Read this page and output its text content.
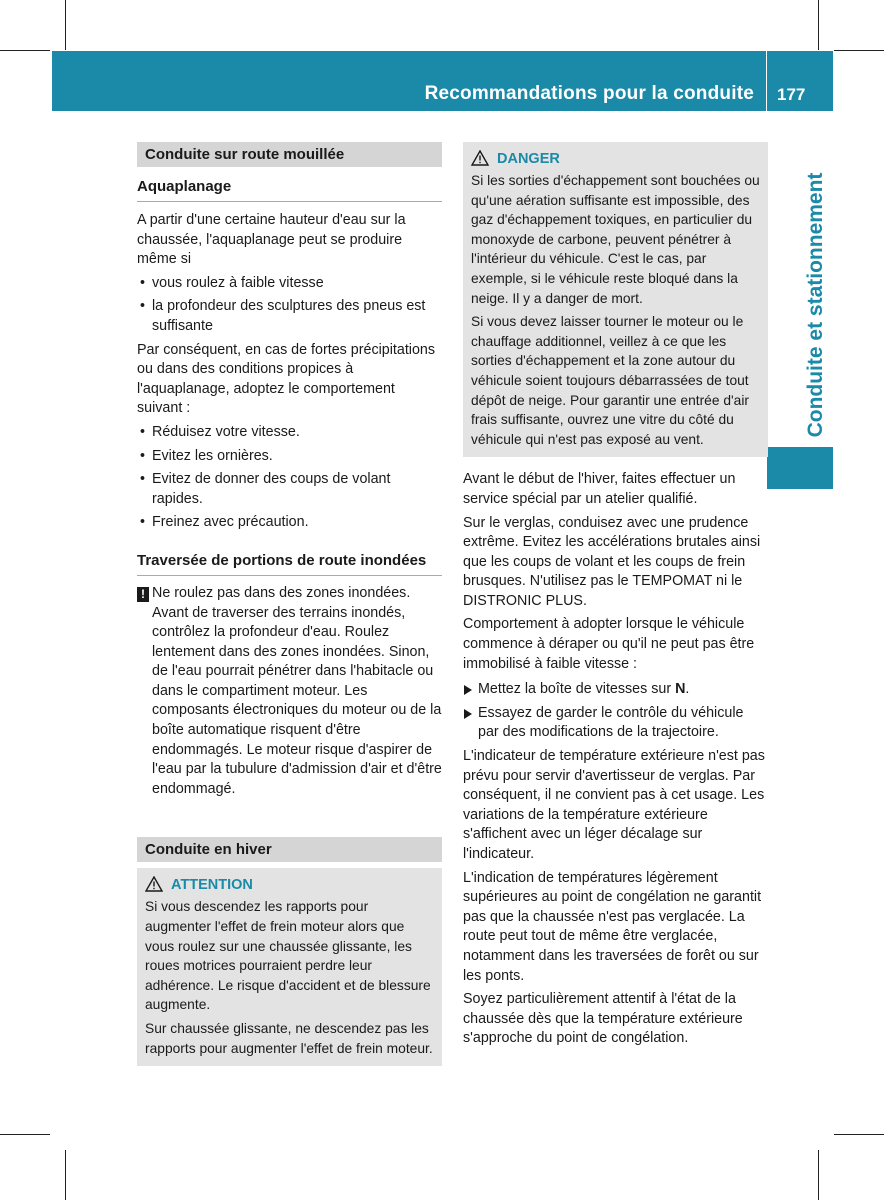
Recommandations pour la conduite 177
Conduite et stationnement
Conduite sur route mouillée
Aquaplanage

A partir d'une certaine hauteur d'eau sur la chaussée, l'aquaplanage peut se produire même si

• vous roulez à faible vitesse
• la profondeur des sculptures des pneus est suffisante

Par conséquent, en cas de fortes précipitations ou dans des conditions propices à l'aquaplanage, adoptez le comportement suivant :

• Réduisez votre vitesse.
• Evitez les ornières.
• Evitez de donner des coups de volant rapides.
• Freinez avec précaution.
Traversée de portions de route inondées
! Ne roulez pas dans des zones inondées. Avant de traverser des terrains inondés, contrôlez la profondeur d'eau. Roulez lentement dans des zones inondées. Sinon, de l'eau pourrait pénétrer dans l'habitacle ou dans le compartiment moteur. Les composants électroniques du moteur ou de la boîte automatique risquent d'être endommagés. Le moteur risque d'aspirer de l'eau par la tubulure d'admission d'air et d'être endommagé.
Conduite en hiver
ATTENTION

Si vous descendez les rapports pour augmenter l'effet de frein moteur alors que vous roulez sur une chaussée glissante, les roues motrices pourraient perdre leur adhérence. Le risque d'accident et de blessure augmente.

Sur chaussée glissante, ne descendez pas les rapports pour augmenter l'effet de frein moteur.

DANGER

Si les sorties d'échappement sont bouchées ou qu'une aération suffisante est impossible, des gaz d'échappement toxiques, en particulier du monoxyde de carbone, peuvent pénétrer à l'intérieur du véhicule. C'est le cas, par exemple, si le véhicule reste bloqué dans la neige. Il y a danger de mort.

Si vous devez laisser tourner le moteur ou le chauffage additionnel, veillez à ce que les sorties d'échappement et la zone autour du véhicule soient toujours débarrassées de tout dépôt de neige. Pour garantir une entrée d'air frais suffisante, ouvrez une vitre du côté du véhicule qui n'est pas exposé au vent.

Avant le début de l'hiver, faites effectuer un service spécial par un atelier qualifié.

Sur le verglas, conduisez avec une prudence extrême. Evitez les accélérations brutales ainsi que les coups de volant et les coups de frein brusques. N'utilisez pas le TEMPOMAT ni le DISTRONIC PLUS.

Comportement à adopter lorsque le véhicule commence à déraper ou qu'il ne peut pas être immobilisé à faible vitesse :

Mettez la boîte de vitesses sur N.
Essayez de garder le contrôle du véhicule par des modifications de la trajectoire.

L'indicateur de température extérieure n'est pas prévu pour servir d'avertisseur de verglas. Par conséquent, il ne convient pas à cet usage. Les variations de la température extérieure s'affichent avec un léger décalage sur l'indicateur.

L'indication de températures légèrement supérieures au point de congélation ne garantit pas que la chaussée n'est pas verglacée. La route peut tout de même être verglacée, notamment dans les traversées de forêt ou sur les ponts.

Soyez particulièrement attentif à l'état de la chaussée dès que la température extérieure s'approche du point de congélation.
